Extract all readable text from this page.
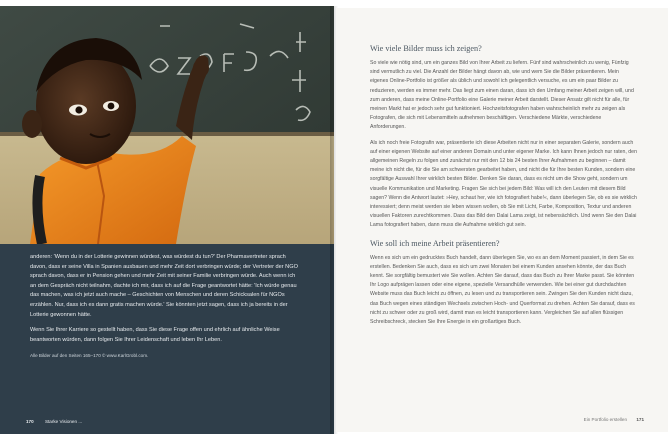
anderen: 'Wenn du in der Lotterie gewinnen würdest, was würdest du tun?' Der Pharmavertreter sprach davon, dass er seine Villa in Spanien ausbauen und mehr Zeit dort verbringen würde; der Vertreter der NGO sprach davon, dass er in Pension gehen und mehr Zeit mit seiner Familie verbringen würde. Auch wenn ich an dem Gespräch nicht teilnahm, dachte ich mir, dass ich auf die Frage geantwortet hätte: 'Ich würde genau das machen, was ich jetzt auch mache – Geschichten von Menschen und deren Schicksalen für NGOs erzählen. Nur, dass ich es dann gratis machen würde.' Sie könnten jetzt sagen, dass ich ja bereits in der Lotterie gewonnen hätte.

Wenn Sie Ihrer Karriere so gestellt haben, dass Sie diese Frage offen und ehrlich auf ähnliche Weise beantworten würden, dann folgen Sie Ihrer Leidenschaft und leben Ihr Leben.

Alle Bilder auf den Seiten 165–170 © www.KarlGrobl.com.

170 Starke Visionen ...
Wie viele Bilder muss ich zeigen?

So viele wie nötig sind, um ein ganzes Bild von Ihrer Arbeit zu liefern. Fünf sind wahrscheinlich zu wenig, Fünfzig sind vermutlich zu viel. Die Anzahl der Bilder hängt davon ab, wie und wem Sie die Bilder präsentieren. Mein eigenes Online-Portfolio ist größer als üblich und sowohl ich gelegentlich versuche, es um ein paar Bilder zu reduzieren, werden es immer mehr. Das liegt zum einen daran, dass ich den Umfang meiner Arbeit zeigen will, und zum anderen, dass meine Online-Portfolio eine Galerie meiner Arbeit darstellt. Dieser Ansatz gilt nicht für alle, für meinen Markt hat er jedoch sehr gut funktioniert. Hochzeitsfotografen haben wahrscheinlich mehr zu zeigen als Fotografen, die sich mit Lebensmitteln aufnehmen beschäftigen. Verschiedene Märkte, verschiedene Anforderungen.

Als ich noch freie Fotografin war, präsentierte ich diese Arbeiten nicht nur in einer separaten Galerie, sondern auch auf einer eigenen Website auf einer anderen Domain und unter eigener Marke. Ich kann Ihnen jedoch nur raten, den allgemeinen Regeln zu folgen und zunächst nur mit den 12 bis 24 besten Ihrer Aufnahmen zu beginnen – damit meine ich nicht die, für die Sie am schwersten gearbeitet haben, und nicht die für Ihre besten Kunden, sondern eine sorgfältige Auswahl Ihrer wirklich besten Bilder. Denken Sie daran, dass es nicht um die Show geht, sondern um visuelle Kommunikation und Marketing. Fragen Sie sich bei jedem Bild: Was will ich den Leuten mit diesem Bild sagen? Wenn die Antwort lautet: »Hey, schaut her, wie ich fotografiert habe!«, dann überlegen Sie, ob es sie wirklich interessiert; denn meist werden sie leben wissen wollen, ob Sie mit Licht, Farbe, Komposition, Textur und anderen visuellen Faktoren zurechtkommen. Dass das Bild den Dalai Lama zeigt, ist nebensächlich. Und wenn Sie den Dalai Lama fotografiert haben, dann muss die Aufnahme wirklich gut sein.

Wie soll ich meine Arbeit präsentieren?

Wenn es sich um ein gedrucktes Buch handelt, dann überlegen Sie, wo es an dem Moment passiert, in dem Sie es erstellen. Bedenken Sie auch, dass es sich um zwei Monaten bei einem Kunden ansehen könnte, der das Buch kennt. Sie sorgfältig bemustert wie Sie wollen. Achten Sie darauf, dass das Buch zu Ihrer Marke passt. Sie könnten Ihr Logo aufprägen lassen oder eine eigene, spezielle Versandhülle verwenden. Wie bei einer gut durchdachten Website muss das Buch leicht zu öffnen, zu lesen und zu transportieren sein. Zwingen Sie den Kunden nicht dazu, das Buch wegen eines ständigen Wechsels zwischen Hoch- und Querformat zu drehen. Achten Sie darauf, dass es nicht zu schwer oder zu groß wird, damit man es leicht transportieren kann. Vergleichen Sie auf allen flüssigen Schreibschreck, stecken Sie Ihre Energie in ein großartiges Buch.

Ein Portfolio erstellen 171
